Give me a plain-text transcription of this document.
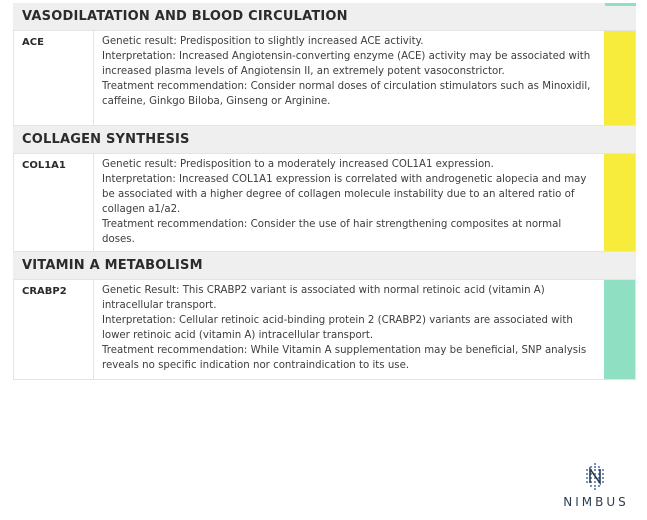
VASODILATATION AND BLOOD CIRCULATION
ACE	Genetic result: Predisposition to slightly increased ACE activity.

Interpretation: Increased Angiotensin-converting enzyme (ACE) activity may be associated with increased plasma levels of Angiotensin II, an extremely potent vasoconstrictor.

Treatment recommendation: Consider normal doses of circulation stimulators such as Minoxidil, caffeine, Ginkgo Biloba, Ginseng or Arginine.

COLLAGEN SYNTHESIS
COL1A1	Genetic result: Predisposition to a moderately increased COL1A1 expression.

Interpretation: Increased COL1A1 expression is correlated with androgenetic alopecia and may be associated with a higher degree of collagen molecule instability due to an altered ratio of collagen a1/a2.

Treatment recommendation: Consider the use of hair strengthening composites at normal doses.

VITAMIN A METABOLISM
CRABP2	Genetic Result: This CRABP2 variant is associated with normal retinoic acid (vitamin A) intracellular transport.

Interpretation: Cellular retinoic acid-binding protein 2 (CRABP2) variants are associated with lower retinoic acid (vitamin A) intracellular transport.

Treatment recommendation: While Vitamin A supplementation may be beneficial, SNP analysis reveals no specific indication nor contraindication to its use.

NIMBUS
